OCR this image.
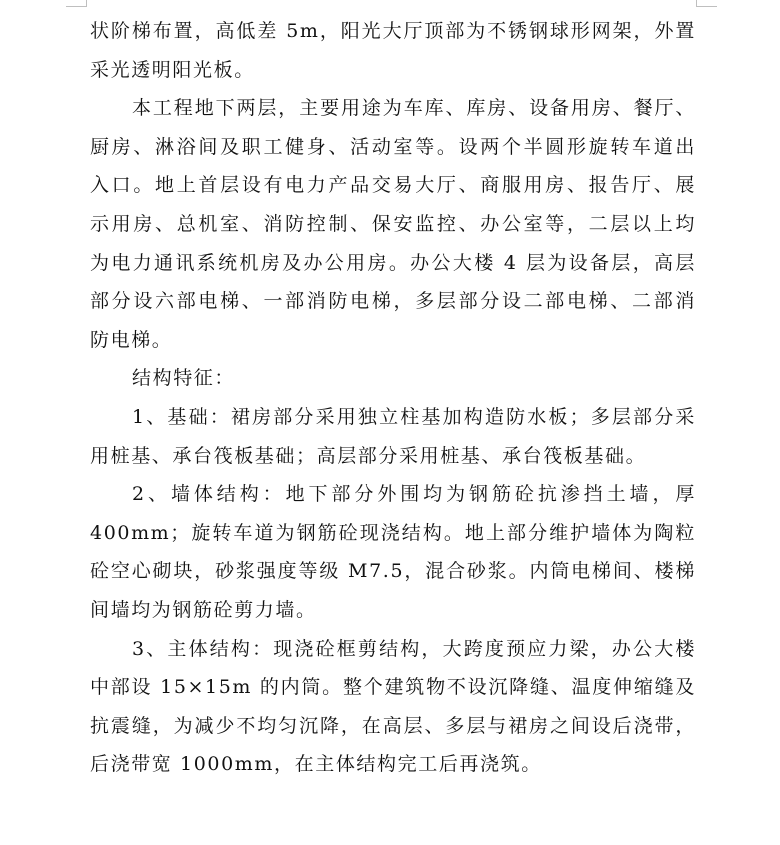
状阶梯布置，高低差 5m，阳光大厅顶部为不锈钢球形网架，外置
采光透明阳光板。

本工程地下两层，主要用途为车库、库房、设备用房、餐厅、
厨房、淋浴间及职工健身、活动室等。设两个半圆形旋转车道出
入口。地上首层设有电力产品交易大厅、商服用房、报告厅、展
示用房、总机室、消防控制、保安监控、办公室等，二层以上均
为电力通讯系统机房及办公用房。办公大楼 4 层为设备层，高层
部分设六部电梯、一部消防电梯，多层部分设二部电梯、二部消
防电梯。

结构特征：

1、基础：裙房部分采用独立柱基加构造防水板；多层部分采
用桩基、承台筏板基础；高层部分采用桩基、承台筏板基础。

2、墙体结构：地下部分外围均为钢筋砼抗渗挡土墙，厚
400mm；旋转车道为钢筋砼现浇结构。地上部分维护墙体为陶粒
砼空心砌块，砂浆强度等级 M7.5，混合砂浆。内筒电梯间、楼梯
间墙均为钢筋砼剪力墙。

3、主体结构：现浇砼框剪结构，大跨度预应力梁，办公大楼
中部设 15×15m 的内筒。整个建筑物不设沉降缝、温度伸缩缝及
抗震缝，为减少不均匀沉降，在高层、多层与裙房之间设后浇带，
后浇带宽 1000mm，在主体结构完工后再浇筑。
